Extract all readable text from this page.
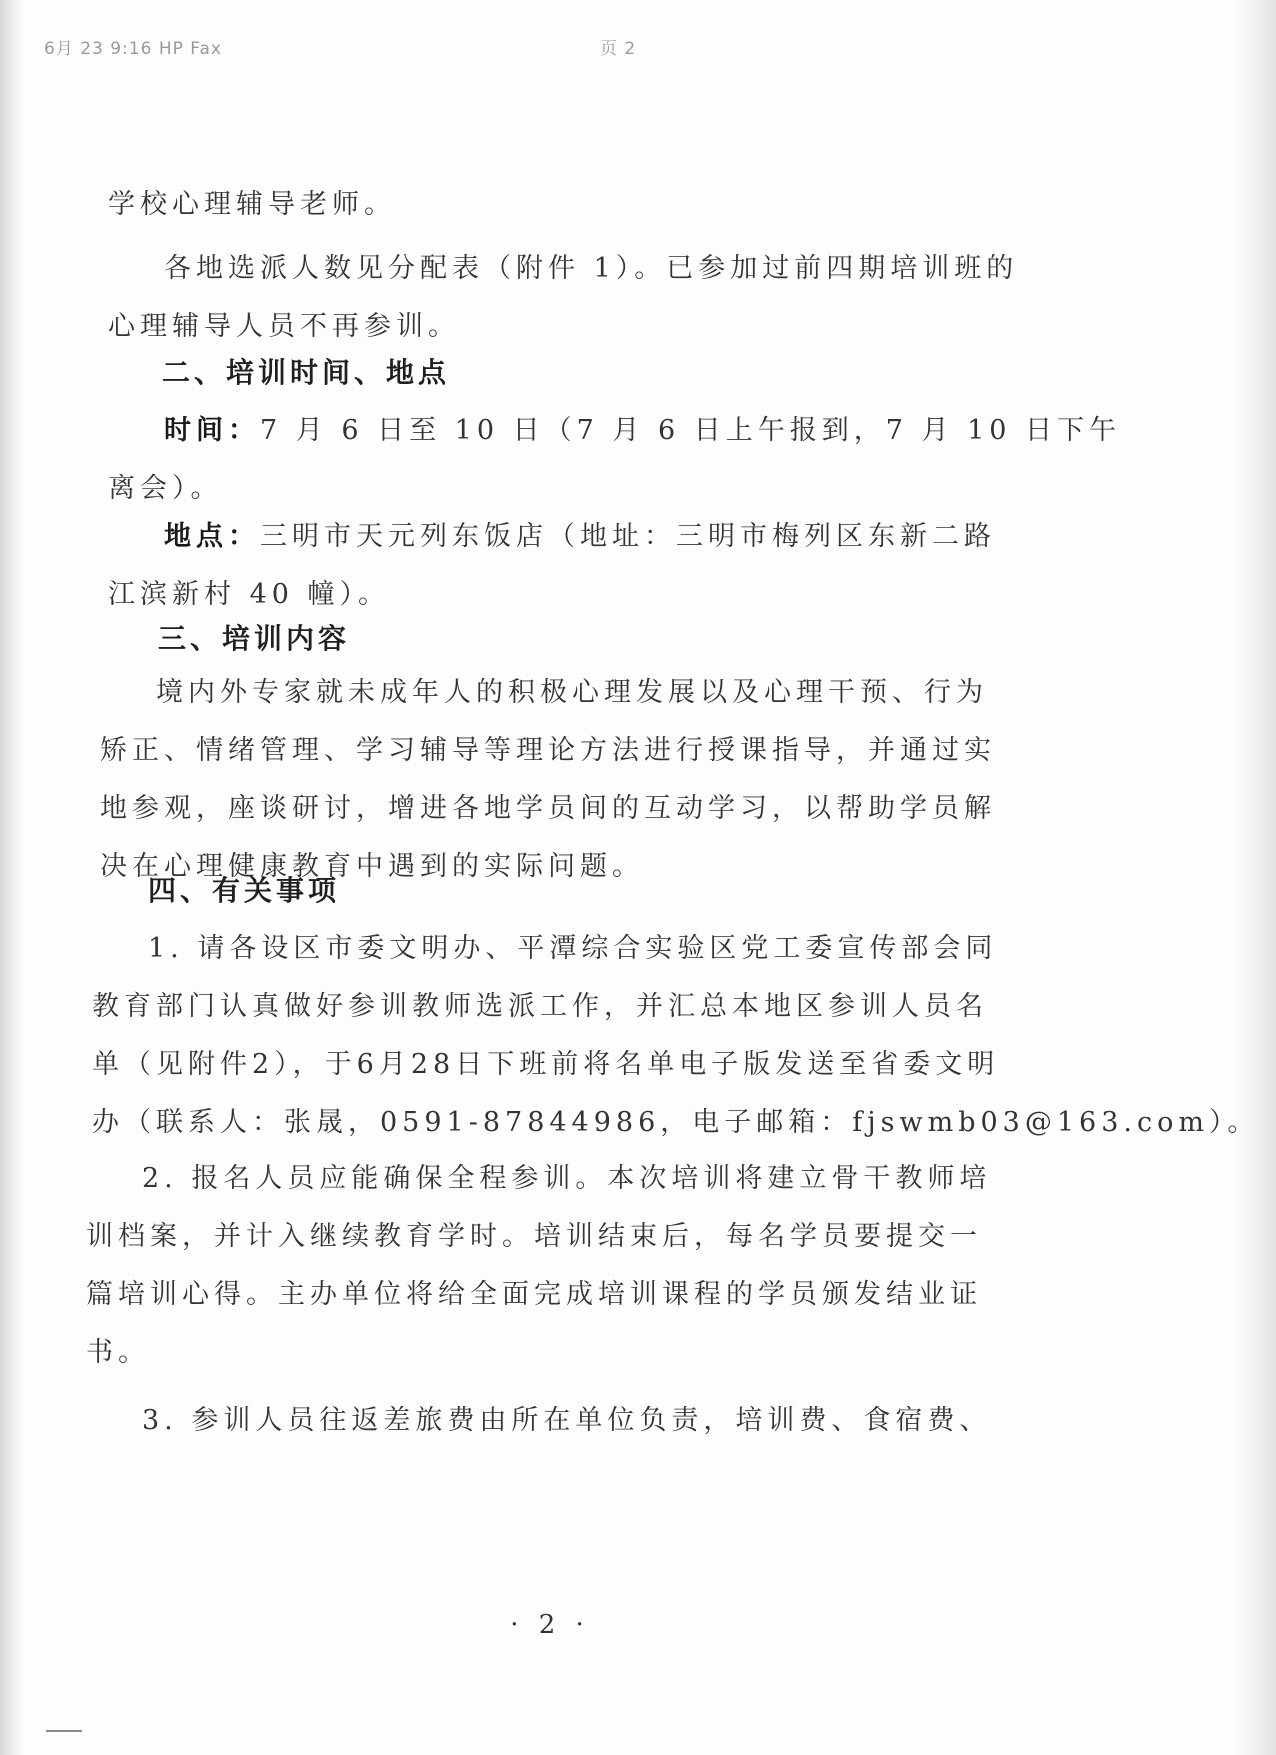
6月 23 9:16 HP Fax	页 2

学校心理辅导老师。

各地选派人数见分配表（附件 1）。已参加过前四期培训班的
心理辅导人员不再参训。

二、培训时间、地点

时间：7 月 6 日至 10 日（7 月 6 日上午报到，7 月 10 日下午
离会）。

地点：三明市天元列东饭店（地址：三明市梅列区东新二路
江滨新村 40 幢）。

三、培训内容

境内外专家就未成年人的积极心理发展以及心理干预、行为
矫正、情绪管理、学习辅导等理论方法进行授课指导，并通过实
地参观，座谈研讨，增进各地学员间的互动学习，以帮助学员解
决在心理健康教育中遇到的实际问题。

四、有关事项

1. 请各设区市委文明办、平潭综合实验区党工委宣传部会同
教育部门认真做好参训教师选派工作，并汇总本地区参训人员名
单（见附件2），于6月28日下班前将名单电子版发送至省委文明
办（联系人：张晟，0591-87844986，电子邮箱：fjswmb03@163.com）。

2. 报名人员应能确保全程参训。本次培训将建立骨干教师培
训档案，并计入继续教育学时。培训结束后，每名学员要提交一
篇培训心得。主办单位将给全面完成培训课程的学员颁发结业证
书。

3. 参训人员往返差旅费由所在单位负责，培训费、食宿费、

· 2 ·
